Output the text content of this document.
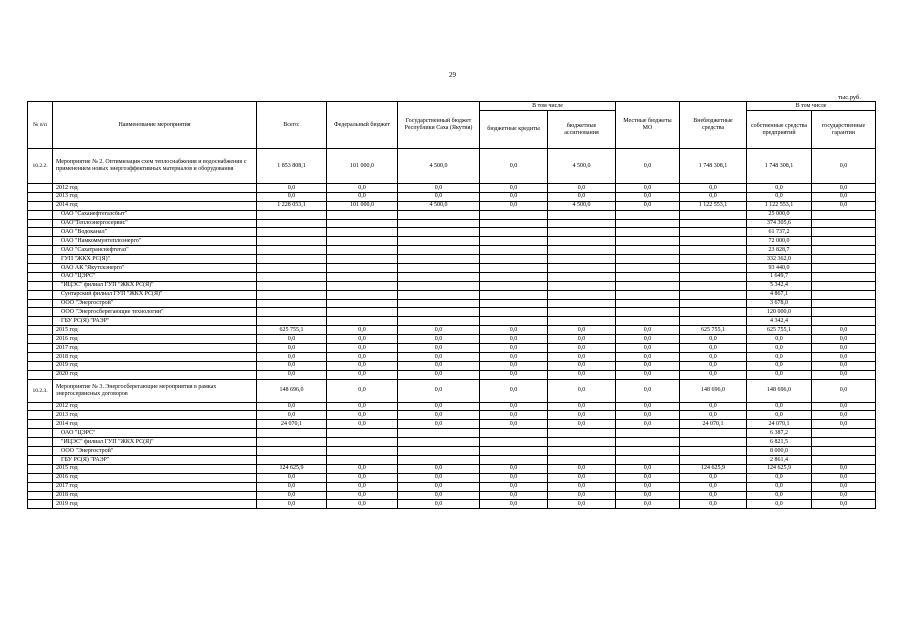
29
тыс.руб.
№ п/п	Наименование мероприятия	Всего:	Федеральный бюджет	Государственный бюджет Республики Саха (Якутия)	В том числе		Местные бюджеты МО	Внебюджетные средства	В том числе	
					бюджетные кредиты	бюджетные ассигнования			собственные средства предприятий	государственные гарантии

10.2.2.	Мероприятие № 2. Оптимизация схем теплоснабжения и водоснабжения с применением новых энергоэффективных материалов и оборудования	1 853 808,1	101 000,0	4 500,0	0,0	4 500,0	0,0	1 748 308,1	1 748 308,1	0,0
	2012 год	0,0	0,0	0,0	0,0	0,0	0,0	0,0	0,0	0,0
	2013 год	0,0	0,0	0,0	0,0	0,0	0,0	0,0	0,0	0,0
	2014 год	1 228 053,1	101 000,0	4 500,0	0,0	4 500,0	0,0	1 122 553,1	1 122 553,1	0,0
	ОАО "Сахаиефтегазсбыт"								25 000,0	
	ОАО"Теплоэнергосервис"								374 305,6	
	ОАО "Водоканал"								61 737,2	
	ОАО "Намкоммунтеплоэнерго"								72 000,0	
	ОАО "Сахатранснефтегаз"								23 828,7	
	ГУП "ЖКХ РС(Я)"								332 362,0	
	ОАО АК "Якутскэнерго"								93 440,0	
	ОАО "ЦЭРС"								1 649,7	
	"ИЦЭС" филиал ГУП "ЖКХ РС(Я)"								5 342,4	
	Сунтарский филиал ГУП "ЖКХ РС(Я)"								4 867,1	
	ООО "Энергострой"								3 678,0	
	ООО "Энергосберегающие технологии"								120 000,0	
	ГБУ РС(Я) "РАЭР"								4 342,4	
	2015 год	625 755,1	0,0	0,0	0,0	0,0	0,0	625 755,1	625 755,1	0,0
	2016 год	0,0	0,0	0,0	0,0	0,0	0,0	0,0	0,0	0,0
	2017 год	0,0	0,0	0,0	0,0	0,0	0,0	0,0	0,0	0,0
	2018 год	0,0	0,0	0,0	0,0	0,0	0,0	0,0	0,0	0,0
	2019 год	0,0	0,0	0,0	0,0	0,0	0,0	0,0	0,0	0,0
	2020 год	0,0	0,0	0,0	0,0	0,0	0,0	0,0	0,0	0,0
10.2.3.	Мероприятие № 3. Энергосберегающие мероприятия в рамках энергосервисных договоров	148 696,0	0,0	0,0	0,0	0,0	0,0	148 696,0	148 696,0	0,0
	2012 год	0,0	0,0	0,0	0,0	0,0	0,0	0,0	0,0	0,0
	2013 год	0,0	0,0	0,0	0,0	0,0	0,0	0,0	0,0	0,0
	2014 год	24 070,1	0,0	0,0	0,0	0,0	0,0	24 070,1	24 070,1	0,0
	ОАО "ЦЭРС"								6 387,2	
	"ИЦЭС" филиал ГУП "ЖКХ РС(Я)"								6 821,5	
	ООО "Энергострой"								8 000,0	
	ГБУ РС(Я) "РАЭР"								2 861,4	
	2015 год	124 625,9	0,0	0,0	0,0	0,0	0,0	124 625,9	124 625,9	0,0
	2016 год	0,0	0,0	0,0	0,0	0,0	0,0	0,0	0,0	0,0
	2017 год	0,0	0,0	0,0	0,0	0,0	0,0	0,0	0,0	0,0
	2018 год	0,0	0,0	0,0	0,0	0,0	0,0	0,0	0,0	0,0
	2019 год	0,0	0,0	0,0	0,0	0,0	0,0	0,0	0,0	0,0
